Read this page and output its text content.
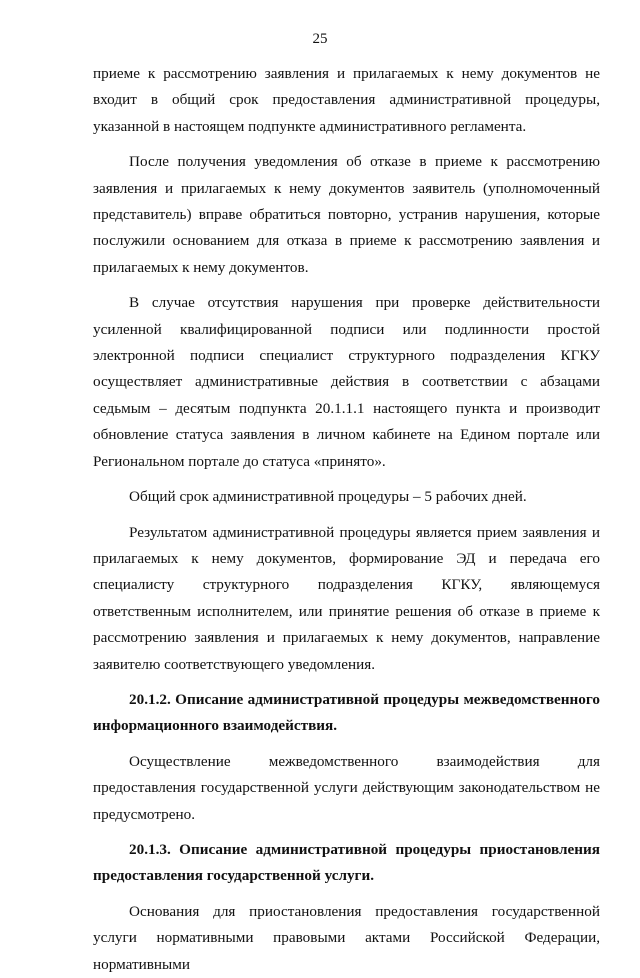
25

приеме к рассмотрению заявления и прилагаемых к нему документов не входит в общий срок предоставления административной процедуры, указанной в настоящем подпункте административного регламента.

После получения уведомления об отказе в приеме к рассмотрению заявления и прилагаемых к нему документов заявитель (уполномоченный представитель) вправе обратиться повторно, устранив нарушения, которые послужили основанием для отказа в приеме к рассмотрению заявления и прилагаемых к нему документов.

В случае отсутствия нарушения при проверке действительности усиленной квалифицированной подписи или подлинности простой электронной подписи специалист структурного подразделения КГКУ осуществляет административные действия в соответствии с абзацами седьмым – десятым подпункта 20.1.1.1 настоящего пункта и производит обновление статуса заявления в личном кабинете на Едином портале или Региональном портале до статуса «принято».

Общий срок административной процедуры – 5 рабочих дней.

Результатом административной процедуры является прием заявления и прилагаемых к нему документов, формирование ЭД и передача его специалисту структурного подразделения КГКУ, являющемуся ответственным исполнителем, или принятие решения об отказе в приеме к рассмотрению заявления и прилагаемых к нему документов, направление заявителю соответствующего уведомления.

20.1.2. Описание административной процедуры межведомственного информационного взаимодействия.

Осуществление межведомственного взаимодействия для предоставления государственной услуги действующим законодательством не предусмотрено.

20.1.3. Описание административной процедуры приостановления предоставления государственной услуги.

Основания для приостановления предоставления государственной услуги нормативными правовыми актами Российской Федерации, нормативными
